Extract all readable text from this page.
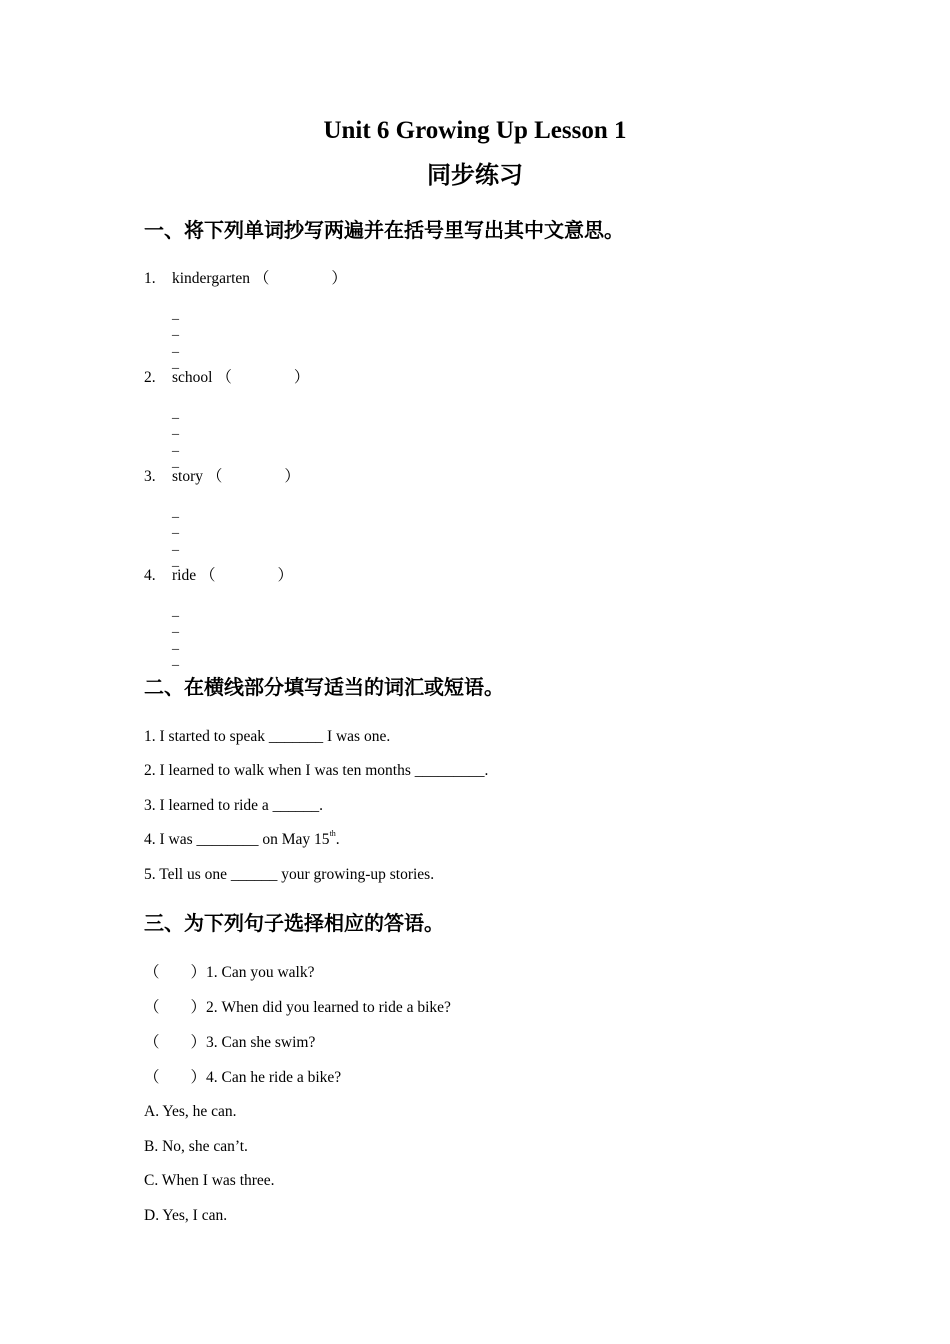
Unit 6 Growing Up Lesson 1
同步练习
一、将下列单词抄写两遍并在括号里写出其中文意思。
1. kindergarten （　　　　）
_
_
_
_
2. school （　　　　）
_
_
_
_
3. story （　　　　）
_
_
_
_
4. ride （　　　　）
_
_
_
_
二、在横线部分填写适当的词汇或短语。
1. I started to speak _______ I was one.
2. I learned to walk when I was ten months _________.
3. I learned to ride a ______.
4. I was ________ on May 15th.
5. Tell us one ______ your growing-up stories.
三、为下列句子选择相应的答语。
（　　）1. Can you walk?
（　　）2. When did you learned to ride a bike?
（　　）3. Can she swim?
（　　）4. Can he ride a bike?
A. Yes, he can.
B. No, she can’t.
C. When I was three.
D. Yes, I can.
